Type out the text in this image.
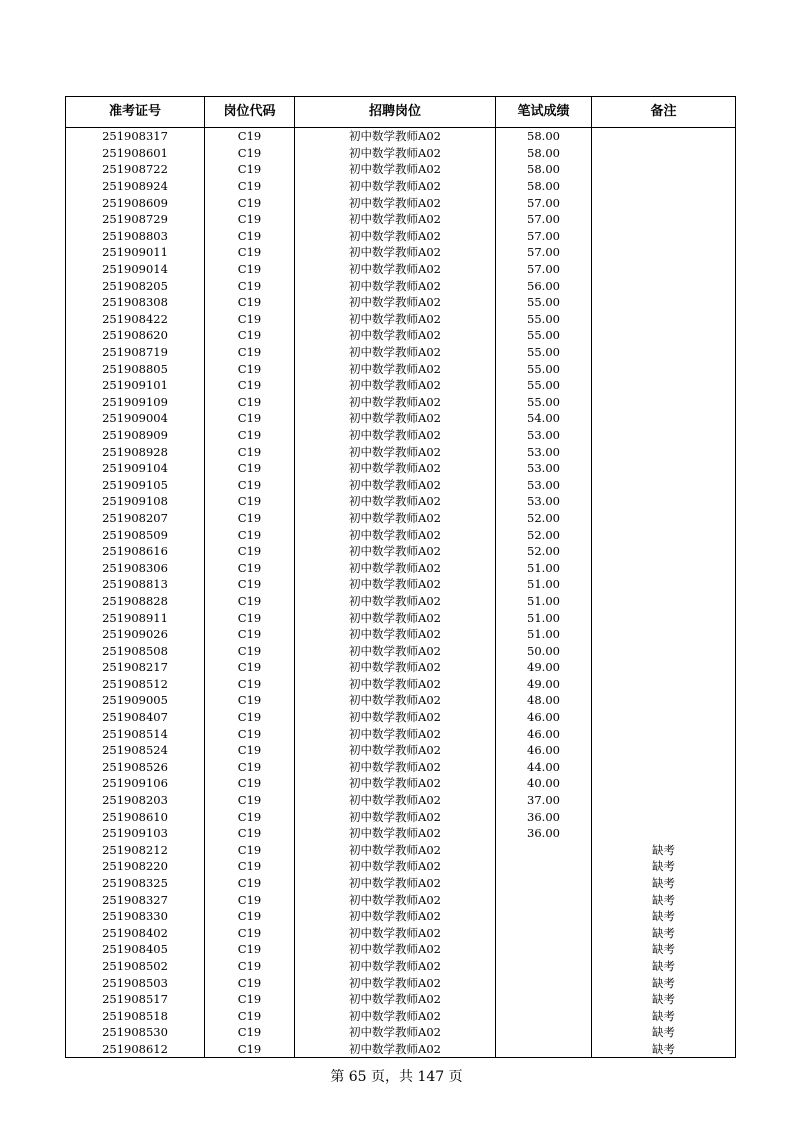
准考证号	岗位代码	招聘岗位	笔试成绩	备注
251908317	C19	初中数学教师A02	58.00	
251908601	C19	初中数学教师A02	58.00	
251908722	C19	初中数学教师A02	58.00	
251908924	C19	初中数学教师A02	58.00	
251908609	C19	初中数学教师A02	57.00	
251908729	C19	初中数学教师A02	57.00	
251908803	C19	初中数学教师A02	57.00	
251909011	C19	初中数学教师A02	57.00	
251909014	C19	初中数学教师A02	57.00	
251908205	C19	初中数学教师A02	56.00	
251908308	C19	初中数学教师A02	55.00	
251908422	C19	初中数学教师A02	55.00	
251908620	C19	初中数学教师A02	55.00	
251908719	C19	初中数学教师A02	55.00	
251908805	C19	初中数学教师A02	55.00	
251909101	C19	初中数学教师A02	55.00	
251909109	C19	初中数学教师A02	55.00	
251909004	C19	初中数学教师A02	54.00	
251908909	C19	初中数学教师A02	53.00	
251908928	C19	初中数学教师A02	53.00	
251909104	C19	初中数学教师A02	53.00	
251909105	C19	初中数学教师A02	53.00	
251909108	C19	初中数学教师A02	53.00	
251908207	C19	初中数学教师A02	52.00	
251908509	C19	初中数学教师A02	52.00	
251908616	C19	初中数学教师A02	52.00	
251908306	C19	初中数学教师A02	51.00	
251908813	C19	初中数学教师A02	51.00	
251908828	C19	初中数学教师A02	51.00	
251908911	C19	初中数学教师A02	51.00	
251909026	C19	初中数学教师A02	51.00	
251908508	C19	初中数学教师A02	50.00	
251908217	C19	初中数学教师A02	49.00	
251908512	C19	初中数学教师A02	49.00	
251909005	C19	初中数学教师A02	48.00	
251908407	C19	初中数学教师A02	46.00	
251908514	C19	初中数学教师A02	46.00	
251908524	C19	初中数学教师A02	46.00	
251908526	C19	初中数学教师A02	44.00	
251909106	C19	初中数学教师A02	40.00	
251908203	C19	初中数学教师A02	37.00	
251908610	C19	初中数学教师A02	36.00	
251909103	C19	初中数学教师A02	36.00	
251908212	C19	初中数学教师A02		缺考
251908220	C19	初中数学教师A02		缺考
251908325	C19	初中数学教师A02		缺考
251908327	C19	初中数学教师A02		缺考
251908330	C19	初中数学教师A02		缺考
251908402	C19	初中数学教师A02		缺考
251908405	C19	初中数学教师A02		缺考
251908502	C19	初中数学教师A02		缺考
251908503	C19	初中数学教师A02		缺考
251908517	C19	初中数学教师A02		缺考
251908518	C19	初中数学教师A02		缺考
251908530	C19	初中数学教师A02		缺考
251908612	C19	初中数学教师A02		缺考
第 65 页，共 147 页
